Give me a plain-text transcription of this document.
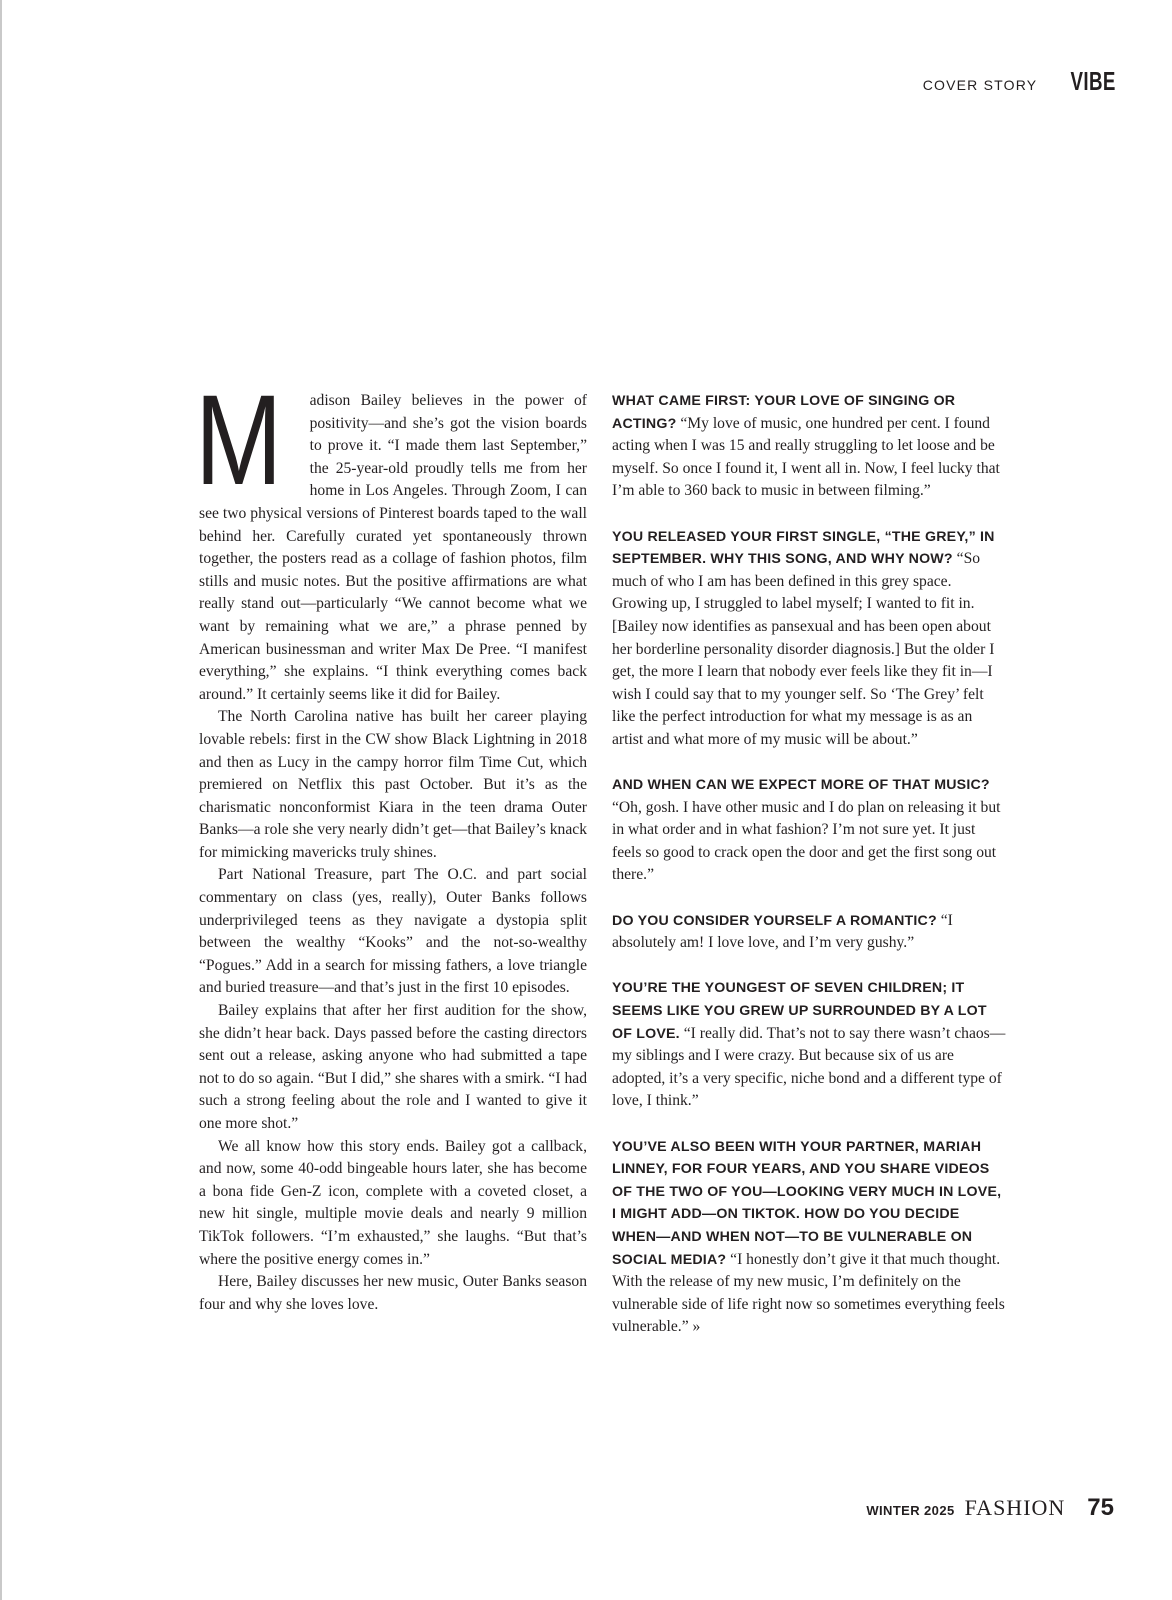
COVER STORY VIBE

M adison Bailey believes in the power of positivity—and she’s got the vision boards to prove it. “I made them last September,” the 25-year-old proudly tells me from her home in Los Angeles. Through Zoom, I can see two physical versions of Pinterest boards taped to the wall behind her. Carefully curated yet spontaneously thrown together, the posters read as a collage of fashion photos, film stills and music notes. But the positive affirmations are what really stand out—particularly “We cannot become what we want by remaining what we are,” a phrase penned by American businessman and writer Max De Pree. “I manifest everything,” she explains. “I think everything comes back around.” It certainly seems like it did for Bailey.

The North Carolina native has built her career playing lovable rebels: first in the CW show Black Lightning in 2018 and then as Lucy in the campy horror film Time Cut, which premiered on Netflix this past October. But it’s as the charismatic nonconformist Kiara in the teen drama Outer Banks—a role she very nearly didn’t get—that Bailey’s knack for mimicking mavericks truly shines.

Part National Treasure, part The O.C. and part social commentary on class (yes, really), Outer Banks follows underprivileged teens as they navigate a dystopia split between the wealthy “Kooks” and the not-so-wealthy “Pogues.” Add in a search for missing fathers, a love triangle and buried treasure—and that’s just in the first 10 episodes.

Bailey explains that after her first audition for the show, she didn’t hear back. Days passed before the casting directors sent out a release, asking anyone who had submitted a tape not to do so again. “But I did,” she shares with a smirk. “I had such a strong feeling about the role and I wanted to give it one more shot.”

We all know how this story ends. Bailey got a callback, and now, some 40-odd bingeable hours later, she has become a bona fide Gen-Z icon, complete with a coveted closet, a new hit single, multiple movie deals and nearly 9 million TikTok followers. “I’m exhausted,” she laughs. “But that’s where the positive energy comes in.”

Here, Bailey discusses her new music, Outer Banks season four and why she loves love.

WHAT CAME FIRST: YOUR LOVE OF SINGING OR ACTING? “My love of music, one hundred per cent. I found acting when I was 15 and really struggling to let loose and be myself. So once I found it, I went all in. Now, I feel lucky that I’m able to 360 back to music in between filming.”

YOU RELEASED YOUR FIRST SINGLE, “THE GREY,” IN SEPTEMBER. WHY THIS SONG, AND WHY NOW? “So much of who I am has been defined in this grey space. Growing up, I struggled to label myself; I wanted to fit in. [Bailey now identifies as pansexual and has been open about her borderline personality disorder diagnosis.] But the older I get, the more I learn that nobody ever feels like they fit in—I wish I could say that to my younger self. So ‘The Grey’ felt like the perfect introduction for what my message is as an artist and what more of my music will be about.”

AND WHEN CAN WE EXPECT MORE OF THAT MUSIC? “Oh, gosh. I have other music and I do plan on releasing it but in what order and in what fashion? I’m not sure yet. It just feels so good to crack open the door and get the first song out there.”

DO YOU CONSIDER YOURSELF A ROMANTIC? “I absolutely am! I love love, and I’m very gushy.”

YOU’RE THE YOUNGEST OF SEVEN CHILDREN; IT SEEMS LIKE YOU GREW UP SURROUNDED BY A LOT OF LOVE. “I really did. That’s not to say there wasn’t chaos—my siblings and I were crazy. But because six of us are adopted, it’s a very specific, niche bond and a different type of love, I think.”

YOU’VE ALSO BEEN WITH YOUR PARTNER, MARIAH LINNEY, FOR FOUR YEARS, AND YOU SHARE VIDEOS OF THE TWO OF YOU—LOOKING VERY MUCH IN LOVE, I MIGHT ADD—ON TIKTOK. HOW DO YOU DECIDE WHEN—AND WHEN NOT—TO BE VULNERABLE ON SOCIAL MEDIA? “I honestly don’t give it that much thought. With the release of my new music, I’m definitely on the vulnerable side of life right now so sometimes everything feels vulnerable.” »

WINTER 2025 FASHION 75
